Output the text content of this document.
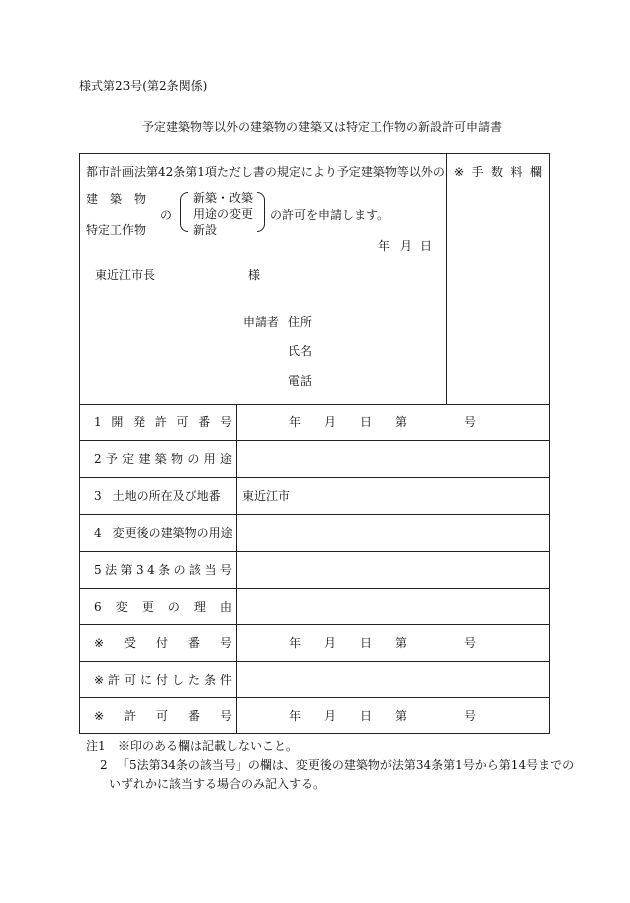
様式第23号(第2条関係)
予定建築物等以外の建築物の建築又は特定工作物の新設許可申請書
都市計画法第42条第1項ただし書の規定により予定建築物等以外の
建　築　物
の
特定工作物
新築・改築
用途の変更
新設
の許可を申請します。
年 月 日
東近江市長	様
申請者 住所
氏名
電話
※ 手 数 料 欄
1 開 発 許 可 番 号	年 月 日 第	号
2 予 定 建 築 物 の 用 途
3 土地の所在及び地番 東近江市
4 変更後の建築物の用途
5 法 第 3 4 条 の 該 当 号
6 変 更 の 理 由
※ 受 付 番 号	年 月 日 第	号
※ 許 可 に 付 し た 条 件
※ 許 可 番 号	年 月 日 第	号
注1 ※印のある欄は記載しないこと。
2 「5法第34条の該当号」の欄は、変更後の建築物が法第34条第1号から第14号までの
いずれかに該当する場合のみ記入する。
